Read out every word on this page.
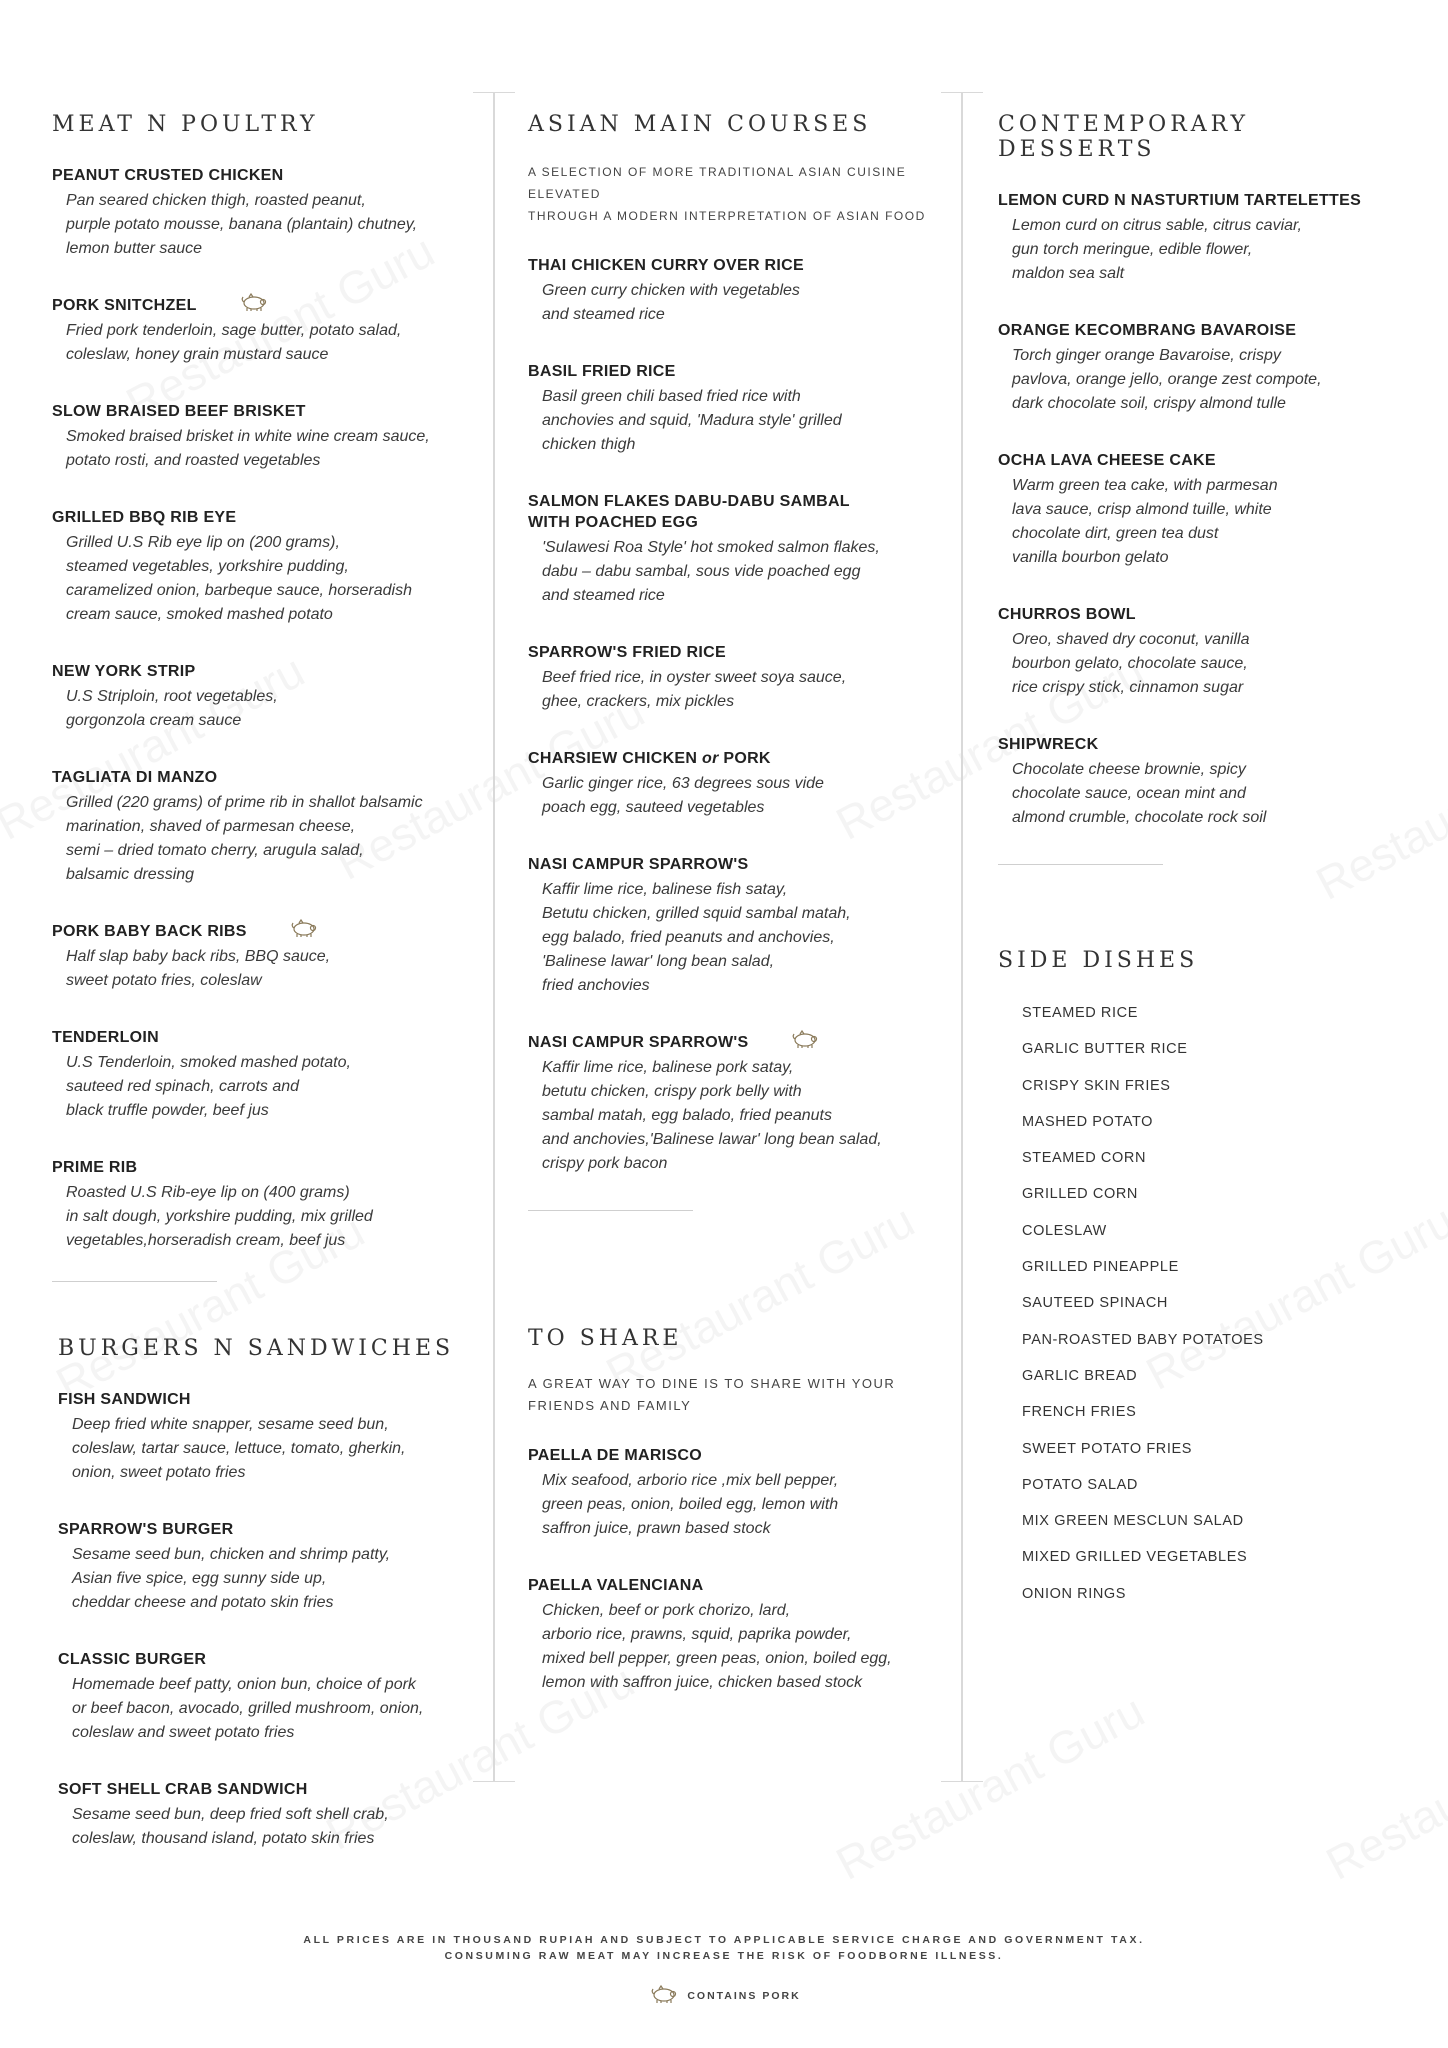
MEAT N POULTRY
PEANUT CRUSTED CHICKEN
Pan seared chicken thigh, roasted peanut,
purple potato mousse, banana (plantain) chutney,
lemon butter sauce
PORK SNITCHZEL
Fried pork tenderloin, sage butter, potato salad,
coleslaw, honey grain mustard sauce
SLOW BRAISED BEEF BRISKET
Smoked braised brisket in white wine cream sauce,
potato rosti, and roasted vegetables
GRILLED BBQ RIB EYE
Grilled U.S Rib eye lip on (200 grams),
steamed vegetables, yorkshire pudding,
caramelized onion, barbeque sauce, horseradish
cream sauce, smoked mashed potato
NEW YORK STRIP
U.S Striploin, root vegetables,
gorgonzola cream sauce
TAGLIATA DI MANZO
Grilled (220 grams) of prime rib in shallot balsamic
marination, shaved of parmesan cheese,
semi – dried tomato cherry, arugula salad,
balsamic dressing
PORK BABY BACK RIBS
Half slap baby back ribs, BBQ sauce,
sweet potato fries, coleslaw
TENDERLOIN
U.S Tenderloin, smoked mashed potato,
sauteed red spinach, carrots and
black truffle powder, beef jus
PRIME RIB
Roasted U.S Rib-eye lip on (400 grams)
in salt dough, yorkshire pudding, mix grilled
vegetables,horseradish cream, beef jus
BURGERS N SANDWICHES
FISH SANDWICH
Deep fried white snapper, sesame seed bun,
coleslaw, tartar sauce, lettuce, tomato, gherkin,
onion, sweet potato fries
SPARROW'S BURGER
Sesame seed bun, chicken and shrimp patty,
Asian five spice, egg sunny side up,
cheddar cheese and potato skin fries
CLASSIC BURGER
Homemade beef patty, onion bun, choice of pork
or beef bacon, avocado, grilled mushroom, onion,
coleslaw and sweet potato fries
SOFT SHELL CRAB SANDWICH
Sesame seed bun, deep fried soft shell crab,
coleslaw, thousand island, potato skin fries
ASIAN MAIN COURSES
A SELECTION OF MORE TRADITIONAL ASIAN CUISINE ELEVATED
THROUGH A MODERN INTERPRETATION OF ASIAN FOOD
THAI CHICKEN CURRY OVER RICE
Green curry chicken with vegetables
and steamed rice
BASIL FRIED RICE
Basil green chili based fried rice with
anchovies and squid, 'Madura style' grilled
chicken thigh
SALMON FLAKES DABU-DABU SAMBAL
WITH POACHED EGG
'Sulawesi Roa Style' hot smoked salmon flakes,
dabu – dabu sambal, sous vide poached egg
and steamed rice
SPARROW'S FRIED RICE
Beef fried rice, in oyster sweet soya sauce,
ghee, crackers, mix pickles
CHARSIEW CHICKEN or PORK
Garlic ginger rice, 63 degrees sous vide
poach egg, sauteed vegetables
NASI CAMPUR SPARROW'S
Kaffir lime rice, balinese fish satay,
Betutu chicken, grilled squid sambal matah,
egg balado, fried peanuts and anchovies,
'Balinese lawar' long bean salad,
fried anchovies
NASI CAMPUR SPARROW'S
Kaffir lime rice, balinese pork satay,
betutu chicken, crispy pork belly with
sambal matah, egg balado, fried peanuts
and anchovies,'Balinese lawar' long bean salad,
crispy pork bacon
TO SHARE
A GREAT WAY TO DINE IS TO SHARE WITH YOUR
FRIENDS AND FAMILY
PAELLA DE MARISCO
Mix seafood, arborio rice ,mix bell pepper,
green peas, onion, boiled egg, lemon with
saffron juice, prawn based stock
PAELLA VALENCIANA
Chicken, beef or pork chorizo, lard,
arborio rice, prawns, squid, paprika powder,
mixed bell pepper, green peas, onion, boiled egg,
lemon with saffron juice, chicken based stock
CONTEMPORARY DESSERTS
LEMON CURD N NASTURTIUM TARTELETTES
Lemon curd on citrus sable, citrus caviar,
gun torch meringue, edible flower,
maldon sea salt
ORANGE KECOMBRANG BAVAROISE
Torch ginger orange Bavaroise, crispy
pavlova, orange jello, orange zest compote,
dark chocolate soil, crispy almond tulle
OCHA LAVA CHEESE CAKE
Warm green tea cake, with parmesan
lava sauce, crisp almond tuille, white
chocolate dirt, green tea dust
vanilla bourbon gelato
CHURROS BOWL
Oreo, shaved dry coconut, vanilla
bourbon gelato, chocolate sauce,
rice crispy stick, cinnamon sugar
SHIPWRECK
Chocolate cheese brownie, spicy
chocolate sauce, ocean mint and
almond crumble, chocolate rock soil
SIDE DISHES
STEAMED RICE
GARLIC BUTTER RICE
CRISPY SKIN FRIES
MASHED POTATO
STEAMED CORN
GRILLED CORN
COLESLAW
GRILLED PINEAPPLE
SAUTEED SPINACH
PAN-ROASTED BABY POTATOES
GARLIC BREAD
FRENCH FRIES
SWEET POTATO FRIES
POTATO SALAD
MIX GREEN MESCLUN SALAD
MIXED GRILLED VEGETABLES
ONION RINGS
ALL PRICES ARE IN THOUSAND RUPIAH AND SUBJECT TO APPLICABLE SERVICE CHARGE AND GOVERNMENT TAX.
CONSUMING RAW MEAT MAY INCREASE THE RISK OF FOODBORNE ILLNESS.
CONTAINS PORK
